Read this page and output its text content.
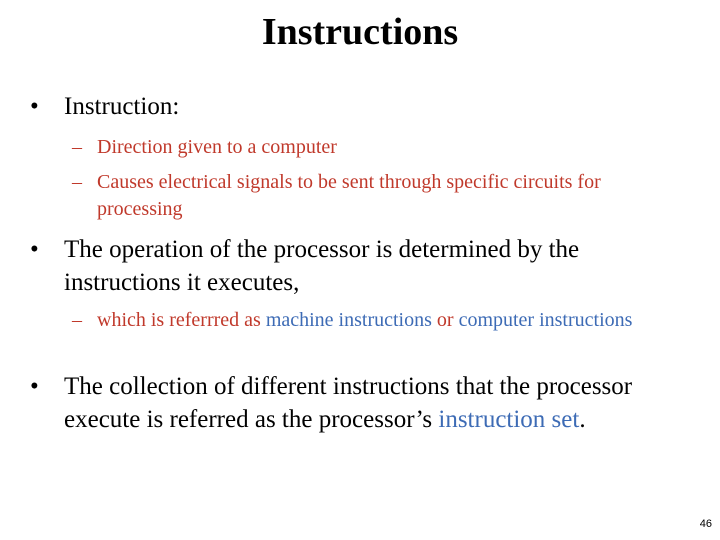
Instructions
•	Instruction:
– Direction given to a computer
– Causes electrical signals to be sent through specific circuits for processing
•	The operation of the processor is determined by the instructions it executes,
– which is referrred as machine instructions or computer instructions
•	The collection of different instructions that the processor execute is referred as the processor’s instruction set.
46
